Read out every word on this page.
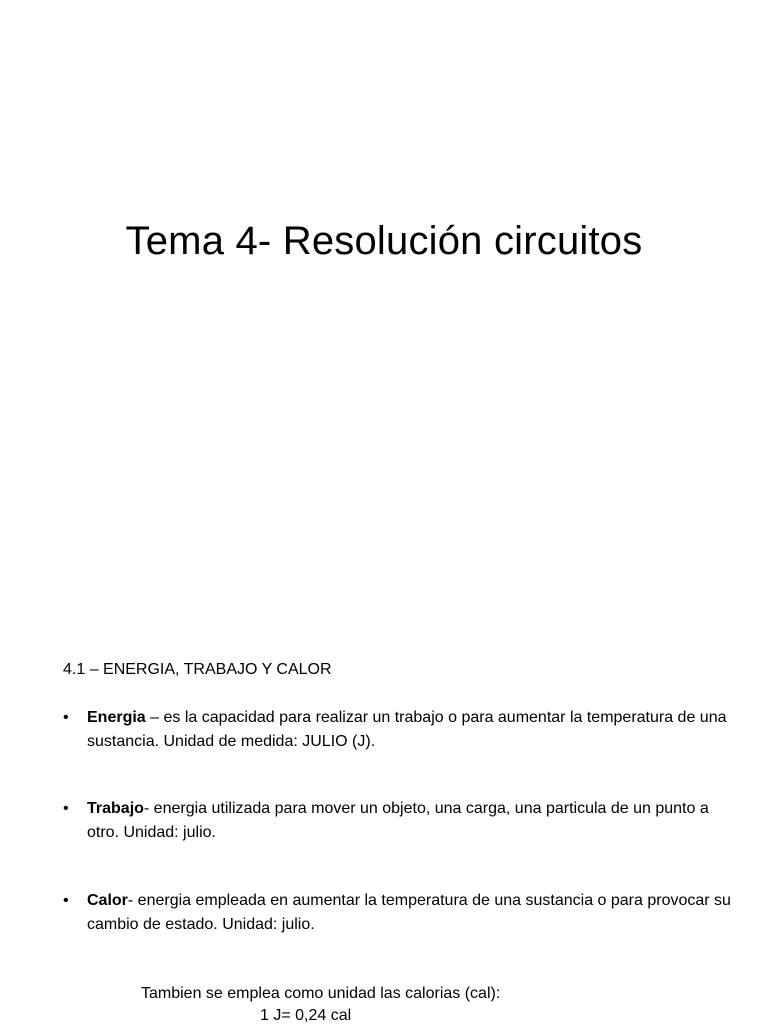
Tema 4- Resolución circuitos

4.1 – ENERGIA, TRABAJO Y CALOR

• Energia – es la capacidad para realizar un trabajo o para aumentar la temperatura de una sustancia. Unidad de medida: JULIO (J).
• Trabajo- energia utilizada para mover un objeto, una carga, una particula de un punto a otro. Unidad: julio.
• Calor- energia empleada en aumentar la temperatura de una sustancia o para provocar su cambio de estado. Unidad: julio.

Tambien se emplea como unidad las calorias (cal):

1 J= 0,24 cal
